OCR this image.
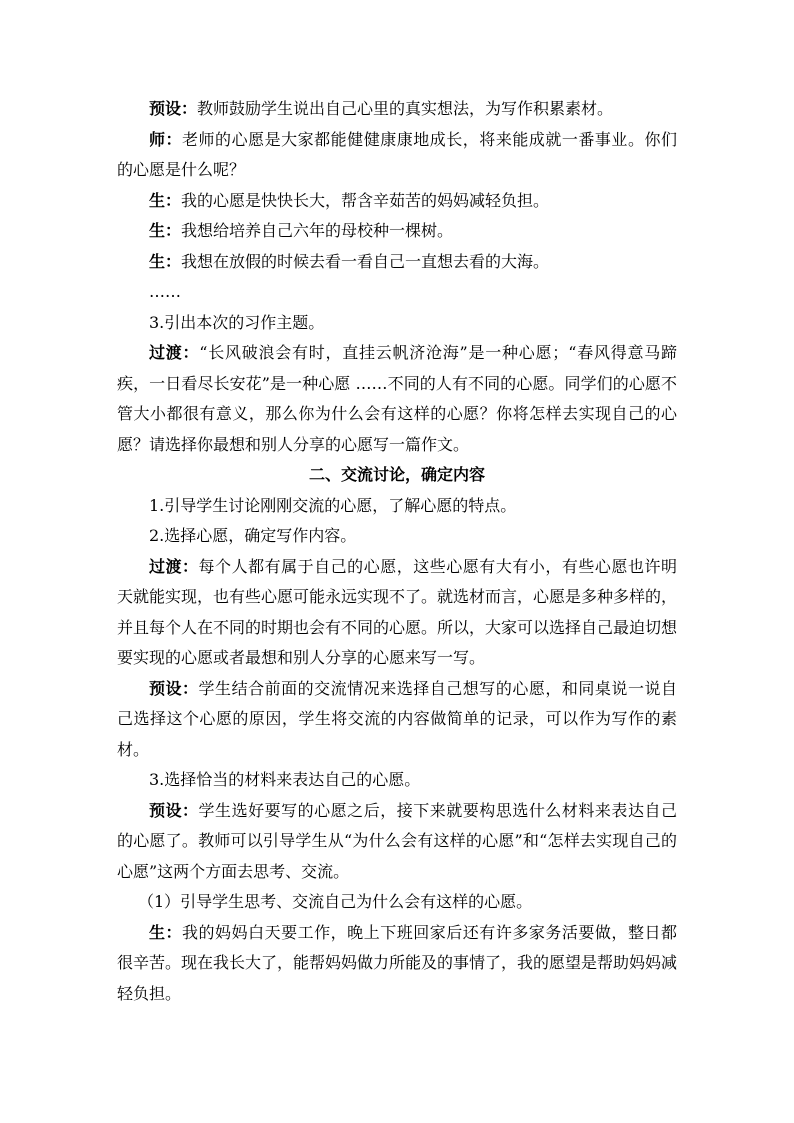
预设：教师鼓励学生说出自己心里的真实想法，为写作积累素材。

师：老师的心愿是大家都能健健康康地成长，将来能成就一番事业。你们的心愿是什么呢？

生：我的心愿是快快长大，帮含辛茹苦的妈妈减轻负担。

生：我想给培养自己六年的母校种一棵树。

生：我想在放假的时候去看一看自己一直想去看的大海。

……

3.引出本次的习作主题。

过渡：“长风破浪会有时，直挂云帆济沧海”是一种心愿；“春风得意马蹄疾，一日看尽长安花”是一种心愿 ……不同的人有不同的心愿。同学们的心愿不管大小都很有意义，那么你为什么会有这样的心愿？你将怎样去实现自己的心愿？请选择你最想和别人分享的心愿写一篇作文。

二、交流讨论，确定内容

1.引导学生讨论刚刚交流的心愿，了解心愿的特点。

2.选择心愿，确定写作内容。

过渡：每个人都有属于自己的心愿，这些心愿有大有小，有些心愿也许明天就能实现，也有些心愿可能永远实现不了。就选材而言，心愿是多种多样的，并且每个人在不同的时期也会有不同的心愿。所以，大家可以选择自己最迫切想要实现的心愿或者最想和别人分享的心愿来写一写。

预设：学生结合前面的交流情况来选择自己想写的心愿，和同桌说一说自己选择这个心愿的原因，学生将交流的内容做简单的记录，可以作为写作的素材。

3.选择恰当的材料来表达自己的心愿。

预设：学生选好要写的心愿之后，接下来就要构思选什么材料来表达自己的心愿了。教师可以引导学生从“为什么会有这样的心愿”和“怎样去实现自己的心愿”这两个方面去思考、交流。

（1）引导学生思考、交流自己为什么会有这样的心愿。

生：我的妈妈白天要工作，晚上下班回家后还有许多家务活要做，整日都很辛苦。现在我长大了，能帮妈妈做力所能及的事情了，我的愿望是帮助妈妈减轻负担。
